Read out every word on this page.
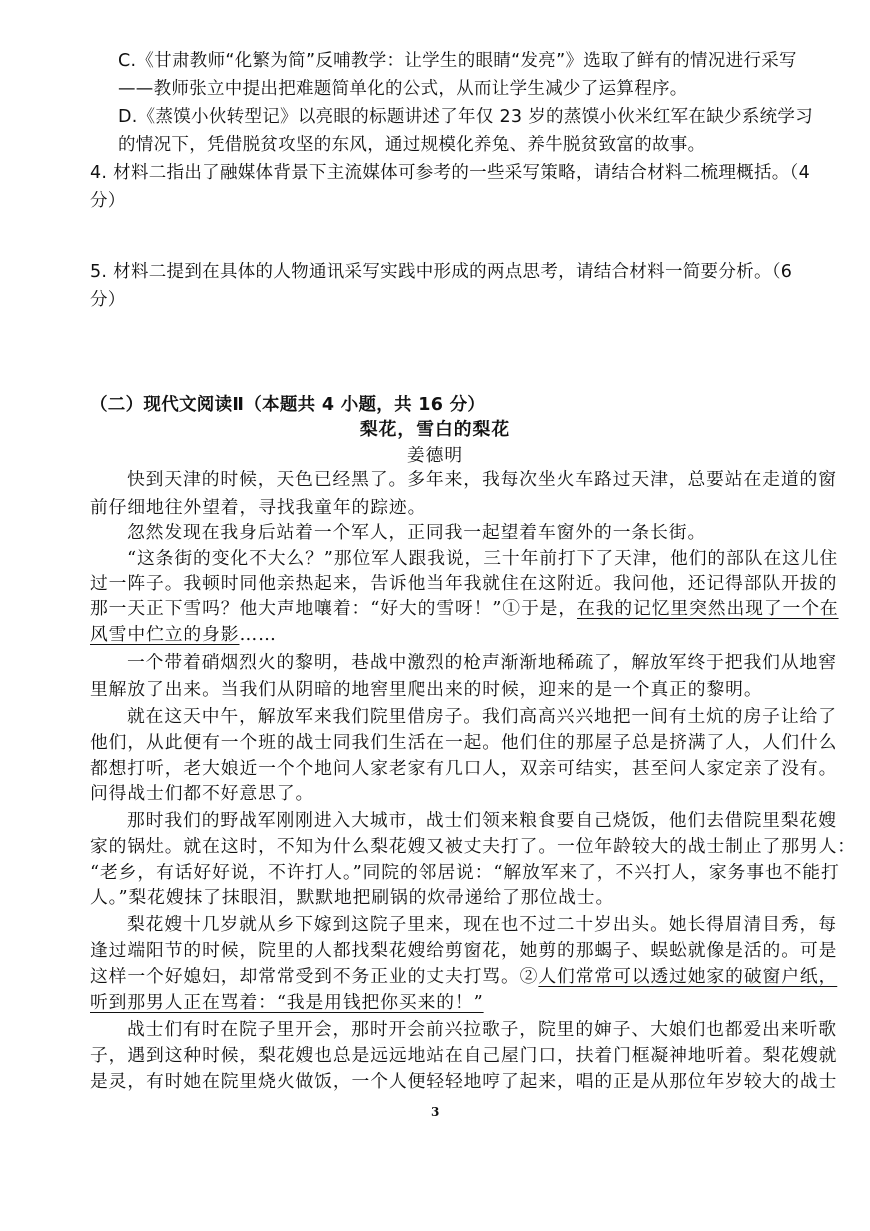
C.《甘肃教师“化繁为简”反哺教学：让学生的眼睛“发亮”》选取了鲜有的情况进行采写
——教师张立中提出把难题简单化的公式，从而让学生减少了运算程序。
D.《蒸馍小伙转型记》以亮眼的标题讲述了年仅 23 岁的蒸馍小伙米红军在缺少系统学习
的情况下，凭借脱贫攻坚的东风，通过规模化养兔、养牛脱贫致富的故事。
4. 材料二指出了融媒体背景下主流媒体可参考的一些采写策略，请结合材料二梳理概括。（4
分）
5. 材料二提到在具体的人物通讯采写实践中形成的两点思考，请结合材料一简要分析。（6
分）
（二）现代文阅读Ⅱ（本题共 4 小题，共 16 分）
梨花，雪白的梨花
姜德明
快到天津的时候，天色已经黑了。多年来，我每次坐火车路过天津，总要站在走道的窗
前仔细地往外望着，寻找我童年的踪迹。
忽然发现在我身后站着一个军人，正同我一起望着车窗外的一条长街。
“这条街的变化不大么？”那位军人跟我说，三十年前打下了天津，他们的部队在这儿住
过一阵子。我顿时同他亲热起来，告诉他当年我就住在这附近。我问他，还记得部队开拔的
那一天正下雪吗？他大声地嚷着：“好大的雪呀！”①于是，在我的记忆里突然出现了一个在
风雪中伫立的身影……
一个带着硝烟烈火的黎明，巷战中激烈的枪声渐渐地稀疏了，解放军终于把我们从地窖
里解放了出来。当我们从阴暗的地窖里爬出来的时候，迎来的是一个真正的黎明。
就在这天中午，解放军来我们院里借房子。我们高高兴兴地把一间有土炕的房子让给了
他们，从此便有一个班的战士同我们生活在一起。他们住的那屋子总是挤满了人，人们什么
都想打听，老大娘近一个个地问人家老家有几口人，双亲可结实，甚至问人家定亲了没有。
问得战士们都不好意思了。
那时我们的野战军刚刚进入大城市，战士们领来粮食要自己烧饭，他们去借院里梨花嫂
家的锅灶。就在这时，不知为什么梨花嫂又被丈夫打了。一位年龄较大的战士制止了那男人：
“老乡，有话好好说，不许打人。”同院的邻居说：“解放军来了，不兴打人，家务事也不能打
人。”梨花嫂抹了抹眼泪，默默地把刷锅的炊帚递给了那位战士。
梨花嫂十几岁就从乡下嫁到这院子里来，现在也不过二十岁出头。她长得眉清目秀，每
逢过端阳节的时候，院里的人都找梨花嫂给剪窗花，她剪的那蝎子、蜈蚣就像是活的。可是
这样一个好媳妇，却常常受到不务正业的丈夫打骂。②人们常常可以透过她家的破窗户纸，
听到那男人正在骂着：“我是用钱把你买来的！”
战士们有时在院子里开会，那时开会前兴拉歌子，院里的婶子、大娘们也都爱出来听歌
子，遇到这种时候，梨花嫂也总是远远地站在自己屋门口，扶着门框凝神地听着。梨花嫂就
是灵，有时她在院里烧火做饭，一个人便轻轻地哼了起来，唱的正是从那位年岁较大的战士
3
